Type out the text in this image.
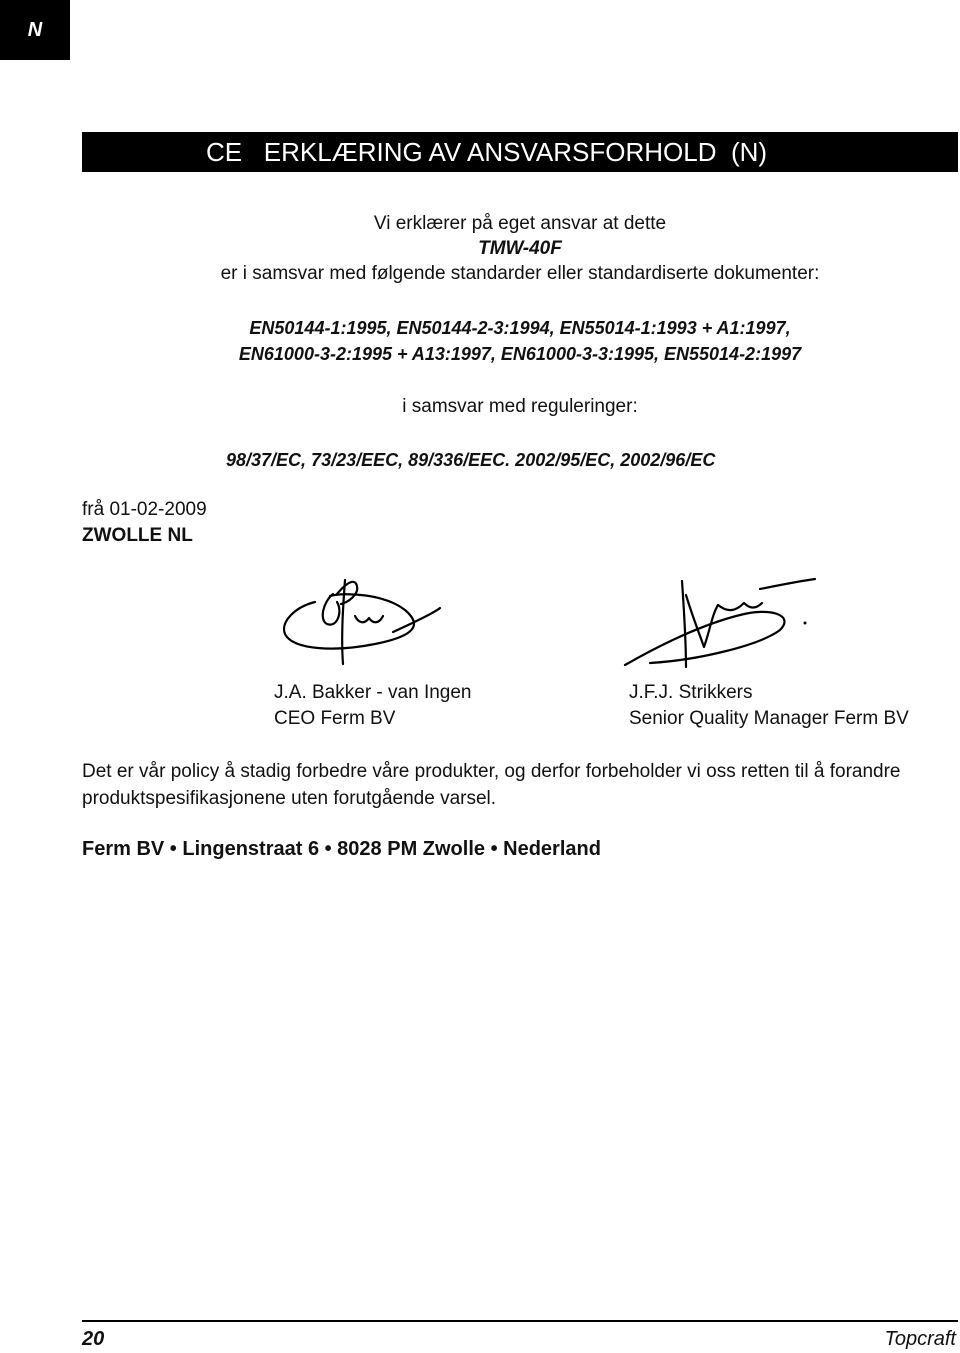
N
CE   ERKLÆRING AV ANSVARSFORHOLD  (N)
Vi erklærer på eget ansvar at dette
TMW-40F
er i samsvar med følgende standarder eller standardiserte dokumenter:
EN50144-1:1995, EN50144-2-3:1994, EN55014-1:1993 + A1:1997,
EN61000-3-2:1995 + A13:1997, EN61000-3-3:1995, EN55014-2:1997
i samsvar med reguleringer:
98/37/EC, 73/23/EEC, 89/336/EEC. 2002/95/EC, 2002/96/EC
frå 01-02-2009
ZWOLLE NL
J.A. Bakker - van Ingen
CEO Ferm BV
J.F.J. Strikkers
Senior Quality Manager Ferm BV
Det er vår policy å stadig forbedre våre produkter, og derfor forbeholder vi oss retten til å forandre produktspesifikasjonene uten forutgående varsel.
Ferm BV • Lingenstraat 6 • 8028 PM Zwolle • Nederland
20	Topcraft
